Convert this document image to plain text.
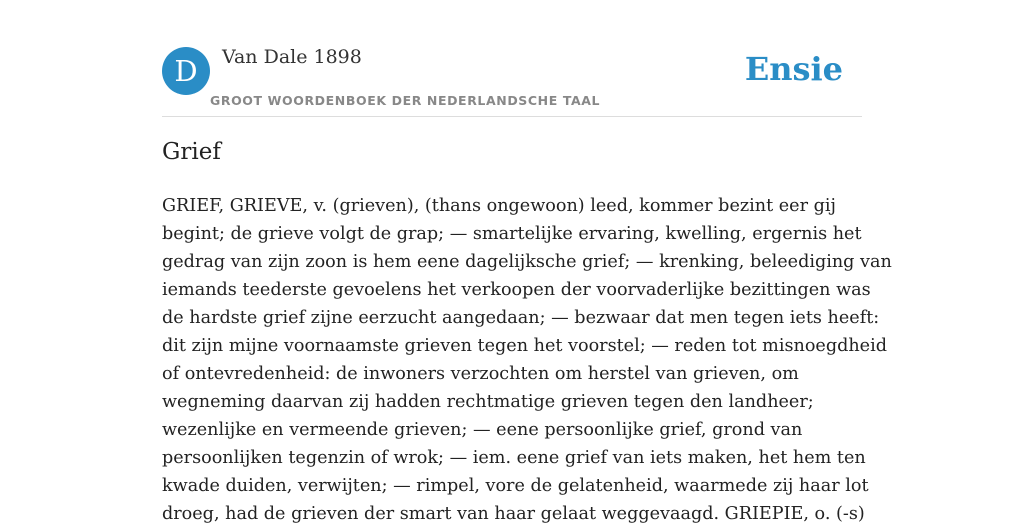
D	Van Dale 1898
GROOT WOORDENBOEK DER NEDERLANDSCHE TAAL
Ensie
Grief

GRIEF, GRIEVE, v. (grieven), (thans ongewoon) leed, kommer bezint eer gij
begint; de grieve volgt de grap; — smartelijke ervaring, kwelling, ergernis het
gedrag van zijn zoon is hem eene dagelijksche grief; — krenking, beleediging van
iemands teederste gevoelens het verkoopen der voorvaderlijke bezittingen was
de hardste grief zijne eerzucht aangedaan; — bezwaar dat men tegen iets heeft:
dit zijn mijne voornaamste grieven tegen het voorstel; — reden tot misnoegdheid
of ontevredenheid: de inwoners verzochten om herstel van grieven, om
wegneming daarvan zij hadden rechtmatige grieven tegen den landheer;
wezenlijke en vermeende grieven; — eene persoonlijke grief, grond van
persoonlijken tegenzin of wrok; — iem. eene grief van iets maken, het hem ten
kwade duiden, verwijten; — rimpel, vore de gelatenheid, waarmede zij haar lot
droeg, had de grieven der smart van haar gelaat weggevaagd. GRIEPIE, o. (-s)
